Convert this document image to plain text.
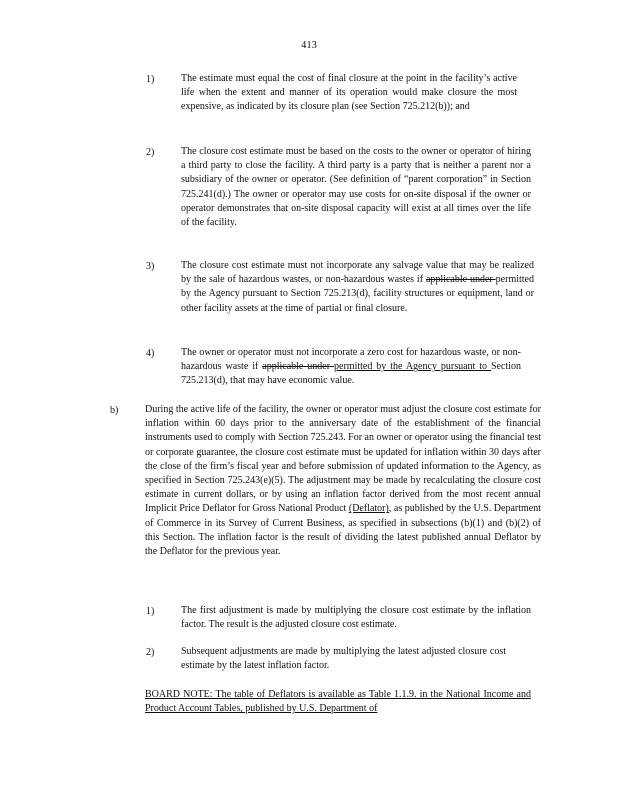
413
1)	The estimate must equal the cost of final closure at the point in the facility’s active life when the extent and manner of its operation would make closure the most expensive, as indicated by its closure plan (see Section 725.212(b)); and
2)	The closure cost estimate must be based on the costs to the owner or operator of hiring a third party to close the facility. A third party is a party that is neither a parent nor a subsidiary of the owner or operator. (See definition of “parent corporation” in Section 725.241(d).) The owner or operator may use costs for on-site disposal if the owner or operator demonstrates that on-site disposal capacity will exist at all times over the life of the facility.
3)	The closure cost estimate must not incorporate any salvage value that may be realized by the sale of hazardous wastes, or non-hazardous wastes if applicable under permitted by the Agency pursuant to Section 725.213(d), facility structures or equipment, land or other facility assets at the time of partial or final closure.
4)	The owner or operator must not incorporate a zero cost for hazardous waste, or non-hazardous waste if applicable under permitted by the Agency pursuant to Section 725.213(d), that may have economic value.
b)	During the active life of the facility, the owner or operator must adjust the closure cost estimate for inflation within 60 days prior to the anniversary date of the establishment of the financial instruments used to comply with Section 725.243. For an owner or operator using the financial test or corporate guarantee, the closure cost estimate must be updated for inflation within 30 days after the close of the firm’s fiscal year and before submission of updated information to the Agency, as specified in Section 725.243(e)(5). The adjustment may be made by recalculating the closure cost estimate in current dollars, or by using an inflation factor derived from the most recent annual Implicit Price Deflator for Gross National Product (Deflator), as published by the U.S. Department of Commerce in its Survey of Current Business, as specified in subsections (b)(1) and (b)(2) of this Section. The inflation factor is the result of dividing the latest published annual Deflator by the Deflator for the previous year.
1)	The first adjustment is made by multiplying the closure cost estimate by the inflation factor. The result is the adjusted closure cost estimate.
2)	Subsequent adjustments are made by multiplying the latest adjusted closure cost estimate by the latest inflation factor.
BOARD NOTE: The table of Deflators is available as Table 1.1.9. in the National Income and Product Account Tables, published by U.S. Department of
